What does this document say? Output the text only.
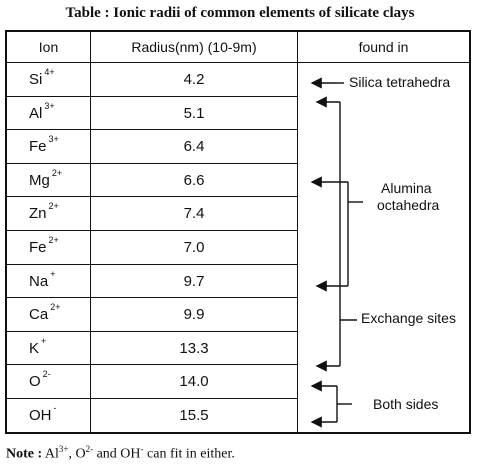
Table : Ionic radii of common elements of silicate clays
Ion	Radius(nm) (10-9m)	found in
Si $^{4+}$	4.2
Al $^{3+}$	5.1
Fe $^{3+}$	6.4
Mg $^{2+}$	6.6
Zn $^{2+}$	7.4
Fe $^{2+}$	7.0
Na +	9.7
Ca $^{2+}$	9.9
K +	13.3
O $^{2-}$	14.0
OH -	15.5
Silica tetrahedra
Alumina
octahedra
Exchange sites
Both sides
Note : $Al^{3+}$, $O^{2-}$ and OH- can fit in either.
